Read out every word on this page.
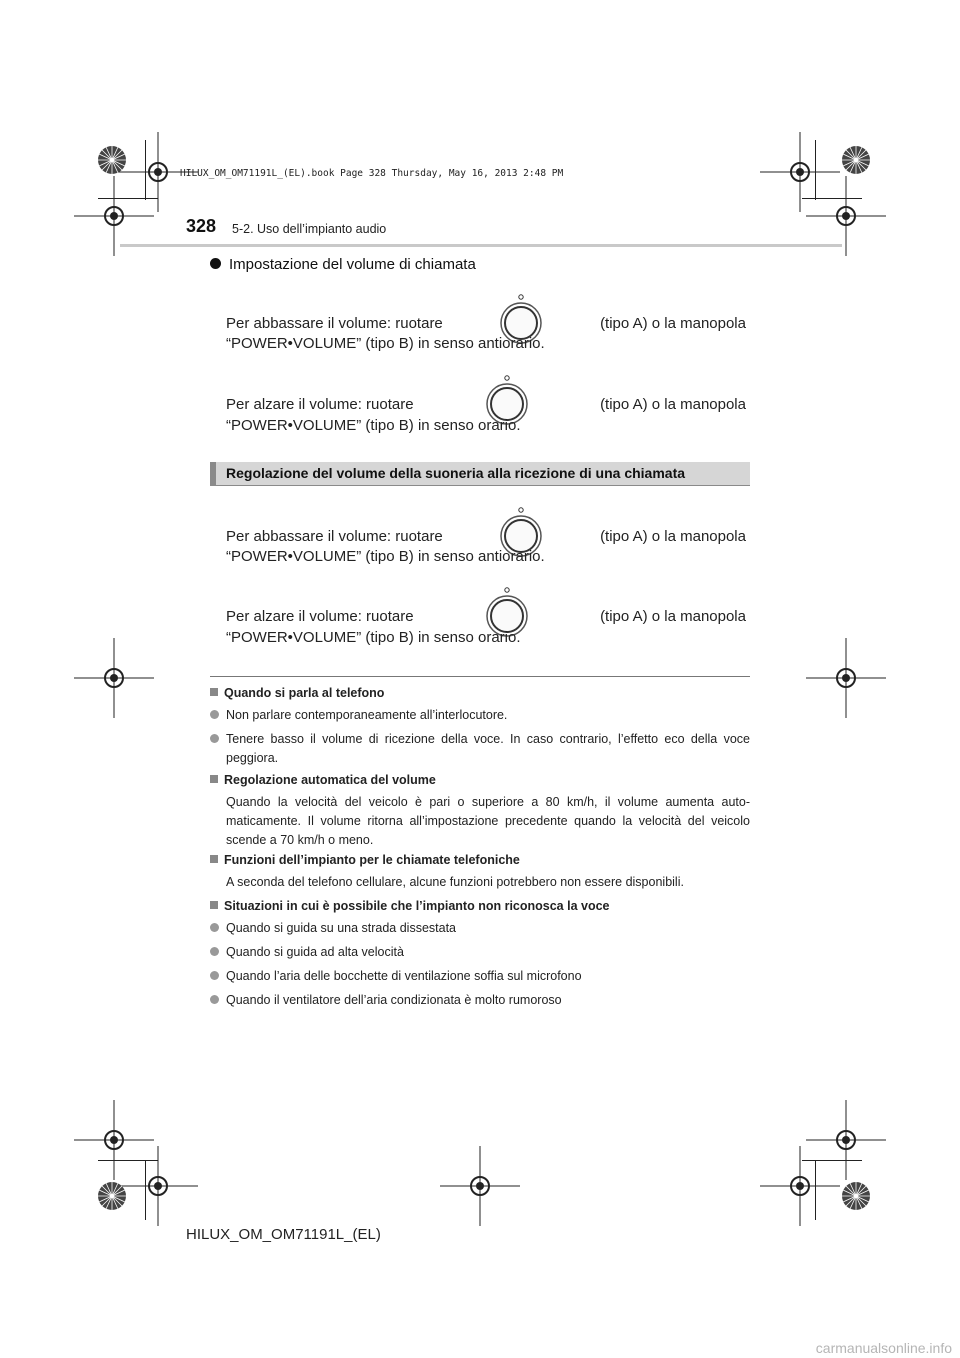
HILUX_OM_OM71191L_(EL).book Page 328 Thursday, May 16, 2013 2:48 PM
328 5-2. Uso dell’impianto audio
Impostazione del volume di chiamata
Per abbassare il volume: ruotare	(tipo A) o la manopola
“POWER•VOLUME” (tipo B) in senso antiorario.
Per alzare il volume: ruotare	(tipo A) o la manopola
“POWER•VOLUME” (tipo B) in senso orario.
Regolazione del volume della suoneria alla ricezione di una chiamata
Per abbassare il volume: ruotare	(tipo A) o la manopola
“POWER•VOLUME” (tipo B) in senso antiorario.
Per alzare il volume: ruotare	(tipo A) o la manopola
“POWER•VOLUME” (tipo B) in senso orario.
Quando si parla al telefono
Non parlare contemporaneamente all’interlocutore.
Tenere basso il volume di ricezione della voce. In caso contrario, l’effetto eco della voce peggiora.
Regolazione automatica del volume
Quando la velocità del veicolo è pari o superiore a 80 km/h, il volume aumenta automaticamente. Il volume ritorna all’impostazione precedente quando la velocità del veicolo scende a 70 km/h o meno.
Funzioni dell’impianto per le chiamate telefoniche
A seconda del telefono cellulare, alcune funzioni potrebbero non essere disponibili.
Situazioni in cui è possibile che l’impianto non riconosca la voce
Quando si guida su una strada dissestata
Quando si guida ad alta velocità
Quando l’aria delle bocchette di ventilazione soffia sul microfono
Quando il ventilatore dell’aria condizionata è molto rumoroso
HILUX_OM_OM71191L_(EL)
carmanualsonline.info
